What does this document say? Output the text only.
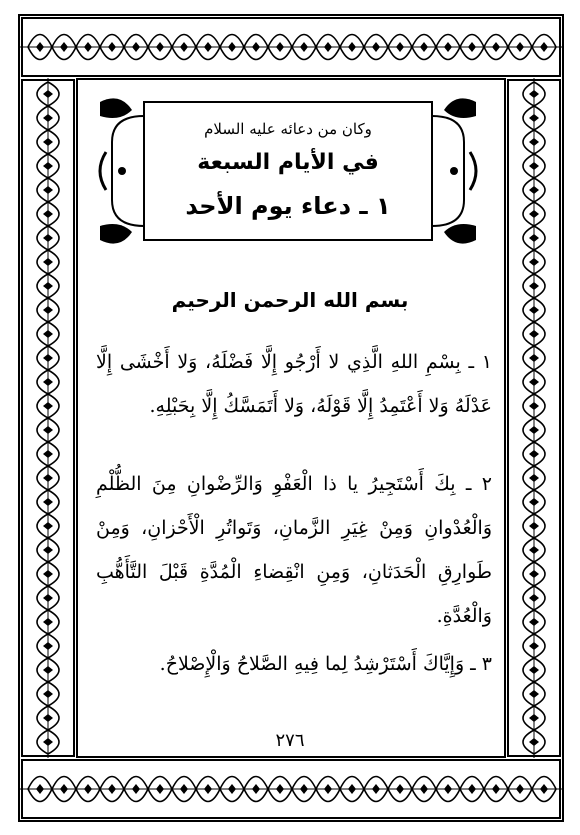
وكان من دعائه عليه السلام
في الأيام السبعة
١ ـ دعاء يوم الأحد
بسم الله الرحمن الرحيم
١ ـ بِسْمِ اللهِ الَّذِي لا أَرْجُو إِلَّا فَضْلَهُ، وَلا أَخْشَى إِلَّا عَدْلَهُ وَلا أَعْتَمِدُ إِلَّا قَوْلَهُ، وَلا أَتَمَسَّكُ إِلَّا بِحَبْلِهِ.
٢ ـ بِكَ أَسْتَجِيرُ يا ذا الْعَفْوِ وَالرِّضْوانِ مِنَ الظُّلْمِ وَالْعُدْوانِ وَمِنْ غِيَرِ الزَّمانِ، وَتَواتُرِ الْأَحْزانِ، وَمِنْ طَوارِقِ الْحَدَثانِ، وَمِنِ انْقِضاءِ الْمُدَّةِ قَبْلَ التَّأَهُّبِ وَالْعُدَّةِ.
٣ ـ وَإِيَّاكَ أَسْتَرْشِدُ لِما فِيهِ الصَّلاحُ وَالْإِصْلاحُ.
٢٧٦
